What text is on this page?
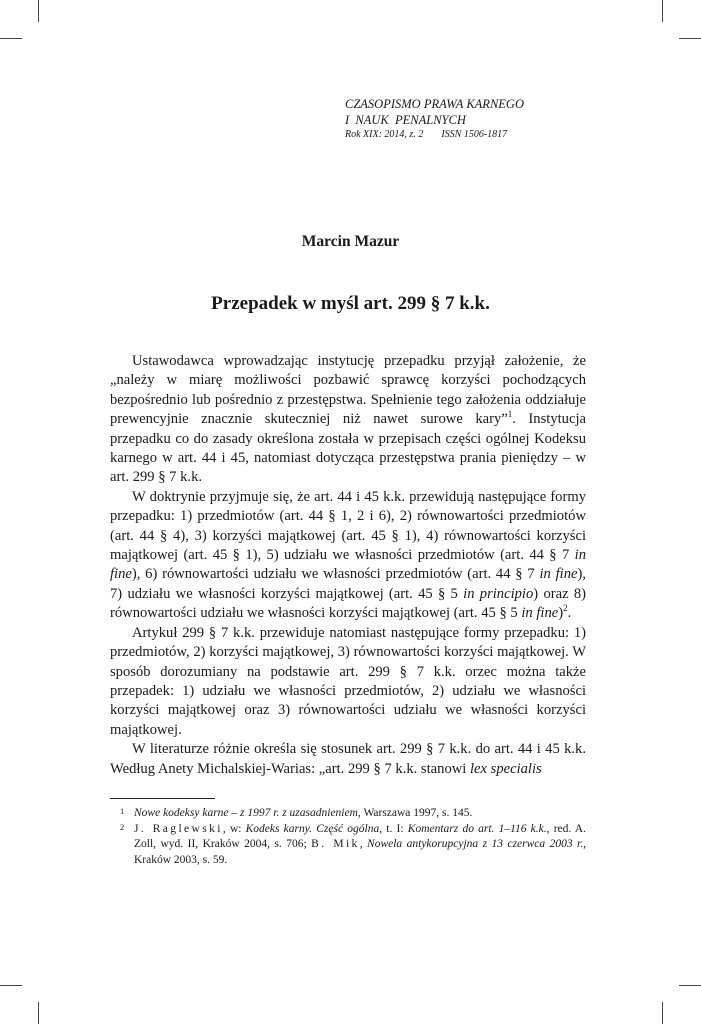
CZASOPISMO PRAWA KARNEGO
I  NAUK  PENALNYCH
Rok XIX: 2014, z. 2 ISSN 1506-1817
Marcin Mazur
Przepadek w myśl art. 299 § 7 k.k.

Ustawodawca wprowadzając instytucję przepadku przyjął założenie, że „należy w miarę możliwości pozbawić sprawcę korzyści pochodzących bezpośrednio lub pośrednio z przestępstwa. Spełnienie tego założenia oddziałuje prewencyjnie znacznie skuteczniej niż nawet surowe kary”$^1$. Instytucja przepadku co do zasady określona została w przepisach części ogólnej Kodeksu karnego w art. 44 i 45, natomiast dotycząca przestępstwa prania pieniędzy – w art. 299 § 7 k.k.

W doktrynie przyjmuje się, że art. 44 i 45 k.k. przewidują następujące formy przepadku: 1) przedmiotów (art. 44 § 1, 2 i 6), 2) równowartości przedmiotów (art. 44 § 4), 3) korzyści majątkowej (art. 45 § 1), 4) równowartości korzyści majątkowej (art. 45 § 1), 5) udziału we własności przedmiotów (art. 44 § 7 in fine), 6) równowartości udziału we własności przedmiotów (art. 44 § 7 in fine), 7) udziału we własności korzyści majątkowej (art. 45 § 5 in principio) oraz 8) równowartości udziału we własności korzyści majątkowej (art. 45 § 5 in fine)$^2$.

Artykuł 299 § 7 k.k. przewiduje natomiast następujące formy przepadku: 1) przedmiotów, 2) korzyści majątkowej, 3) równowartości korzyści majątkowej. W sposób dorozumiany na podstawie art. 299 § 7 k.k. orzec można także przepadek: 1) udziału we własności przedmiotów, 2) udziału we własności korzyści majątkowej oraz 3) równowartości udziału we własności korzyści majątkowej.

W literaturze różnie określa się stosunek art. 299 § 7 k.k. do art. 44 i 45 k.k. Według Anety Michalskiej-Warias: „art. 299 § 7 k.k. stanowi lex specialis

1 Nowe kodeksy karne – z 1997 r. z uzasadnieniem, Warszawa 1997, s. 145.
2 J. Raglewski, w: Kodeks karny. Część ogólna, t. I: Komentarz do art. 1–116 k.k., red. A. Zoll, wyd. II, Kraków 2004, s. 706; B. Mik, Nowela antykorupcyjna z 13 czerwca 2003 r., Kraków 2003, s. 59.
